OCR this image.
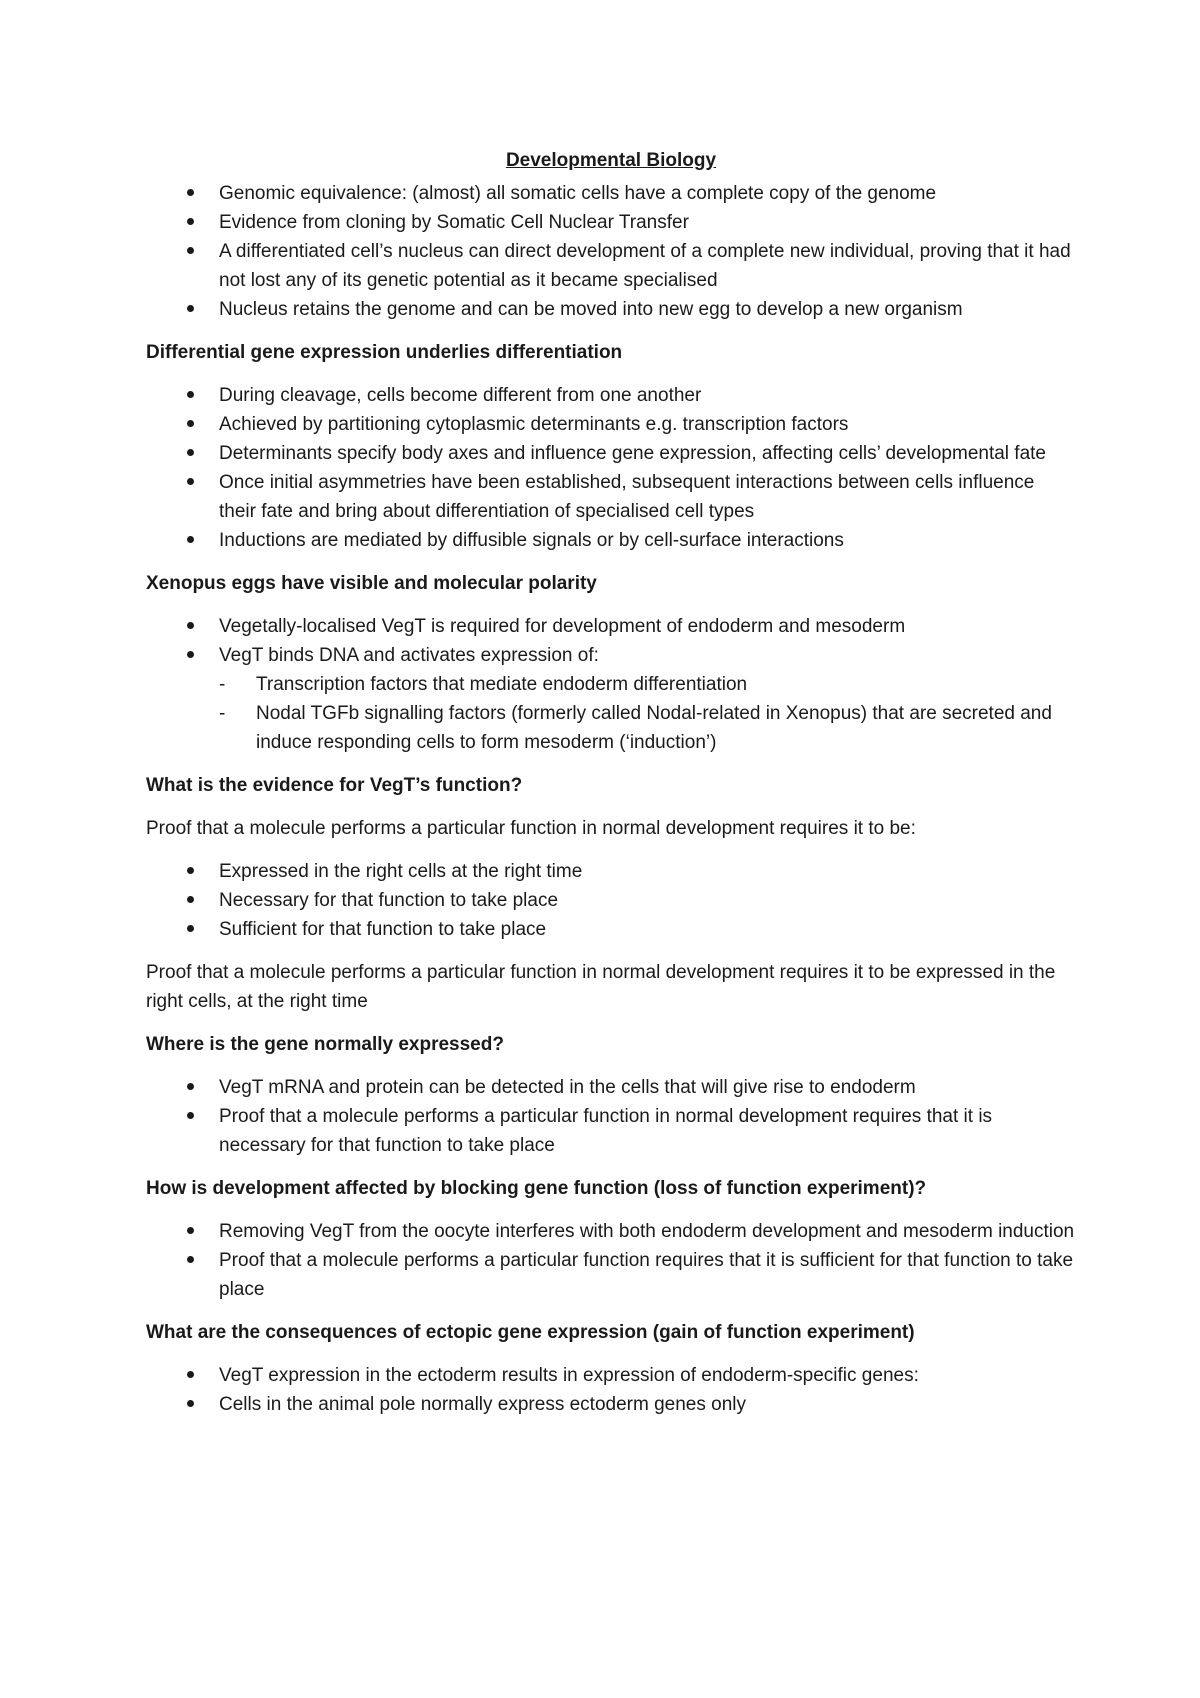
Developmental Biology
Genomic equivalence: (almost) all somatic cells have a complete copy of the genome
Evidence from cloning by Somatic Cell Nuclear Transfer
A differentiated cell’s nucleus can direct development of a complete new individual, proving that it had not lost any of its genetic potential as it became specialised
Nucleus retains the genome and can be moved into new egg to develop a new organism
Differential gene expression underlies differentiation
During cleavage, cells become different from one another
Achieved by partitioning cytoplasmic determinants e.g. transcription factors
Determinants specify body axes and influence gene expression, affecting cells’ developmental fate
Once initial asymmetries have been established, subsequent interactions between cells influence their fate and bring about differentiation of specialised cell types
Inductions are mediated by diffusible signals or by cell-surface interactions
Xenopus eggs have visible and molecular polarity
Vegetally-localised VegT is required for development of endoderm and mesoderm
VegT binds DNA and activates expression of:
- Transcription factors that mediate endoderm differentiation
- Nodal TGFb signalling factors (formerly called Nodal-related in Xenopus) that are secreted and induce responding cells to form mesoderm (‘induction’)
What is the evidence for VegT’s function?
Proof that a molecule performs a particular function in normal development requires it to be:
Expressed in the right cells at the right time
Necessary for that function to take place
Sufficient for that function to take place
Proof that a molecule performs a particular function in normal development requires it to be expressed in the right cells, at the right time
Where is the gene normally expressed?
VegT mRNA and protein can be detected in the cells that will give rise to endoderm
Proof that a molecule performs a particular function in normal development requires that it is necessary for that function to take place
How is development affected by blocking gene function (loss of function experiment)?
Removing VegT from the oocyte interferes with both endoderm development and mesoderm induction
Proof that a molecule performs a particular function requires that it is sufficient for that function to take place
What are the consequences of ectopic gene expression (gain of function experiment)
VegT expression in the ectoderm results in expression of endoderm-specific genes:
Cells in the animal pole normally express ectoderm genes only
